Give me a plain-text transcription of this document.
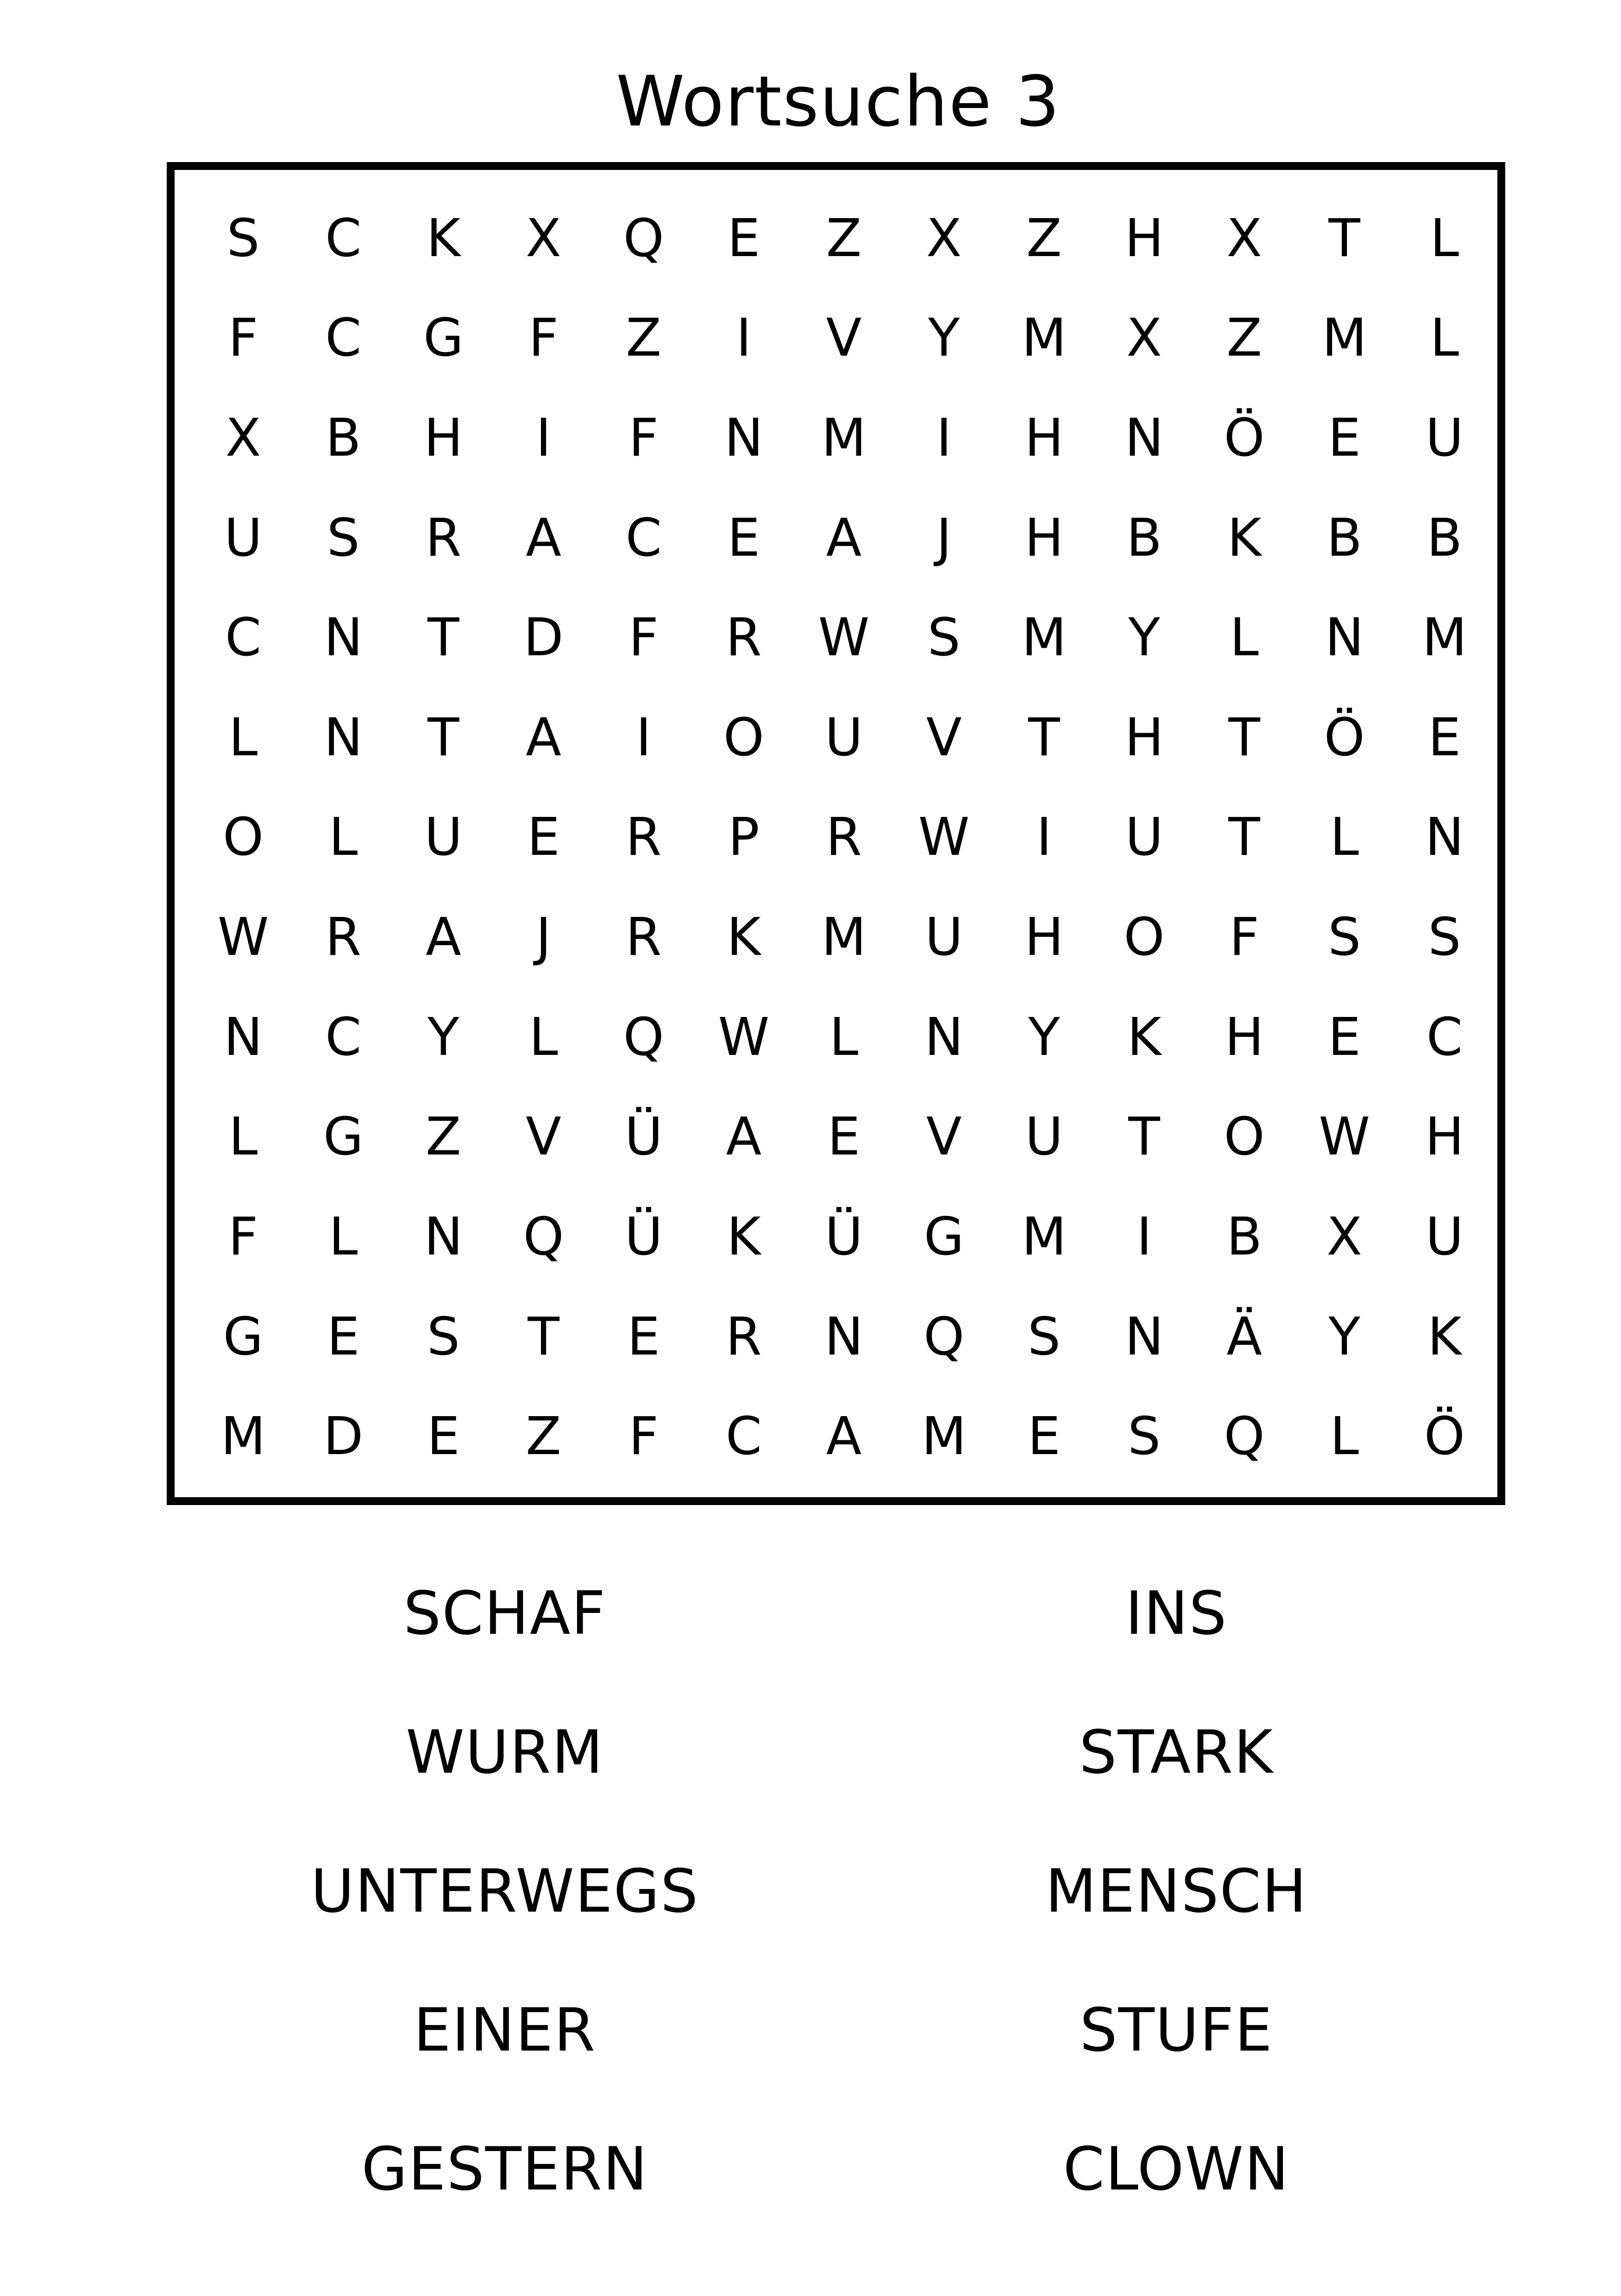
Wortsuche 3
S	C	K	X	Q	E	Z	X	Z	H	X	T	L
F	C	G	F	Z	I	V	Y	M	X	Z	M	L
X	B	H	I	F	N	M	I	H	N	Ö	E	U
U	S	R	A	C	E	A	J	H	B	K	B	B
C	N	T	D	F	R	W	S	M	Y	L	N	M
L	N	T	A	I	O	U	V	T	H	T	Ö	E
O	L	U	E	R	P	R	W	I	U	T	L	N
W	R	A	J	R	K	M	U	H	O	F	S	S
N	C	Y	L	Q	W	L	N	Y	K	H	E	C
L	G	Z	V	Ü	A	E	V	U	T	O	W	H
F	L	N	Q	Ü	K	Ü	G	M	I	B	X	U
G	E	S	T	E	R	N	Q	S	N	Ä	Y	K
M	D	E	Z	F	C	A	M	E	S	Q	L	Ö
SCHAF
WURM
UNTERWEGS
EINER
GESTERN
INS
STARK
MENSCH
STUFE
CLOWN
